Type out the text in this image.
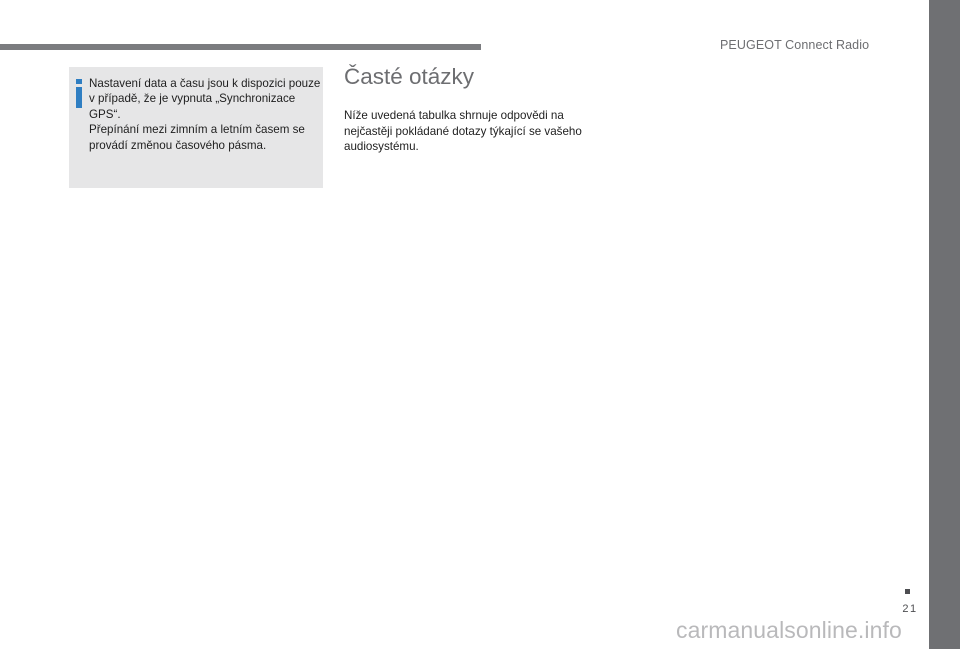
PEUGEOT Connect Radio

Nastavení data a času jsou k dispozici pouze v případě, že je vypnuta „Synchronizace GPS“.

Přepínání mezi zimním a letním časem se provádí změnou časového pásma.

Časté otázky

Níže uvedená tabulka shrnuje odpovědi na nejčastěji pokládané dotazy týkající se vašeho audiosystému.

21
carmanualsonline.info
